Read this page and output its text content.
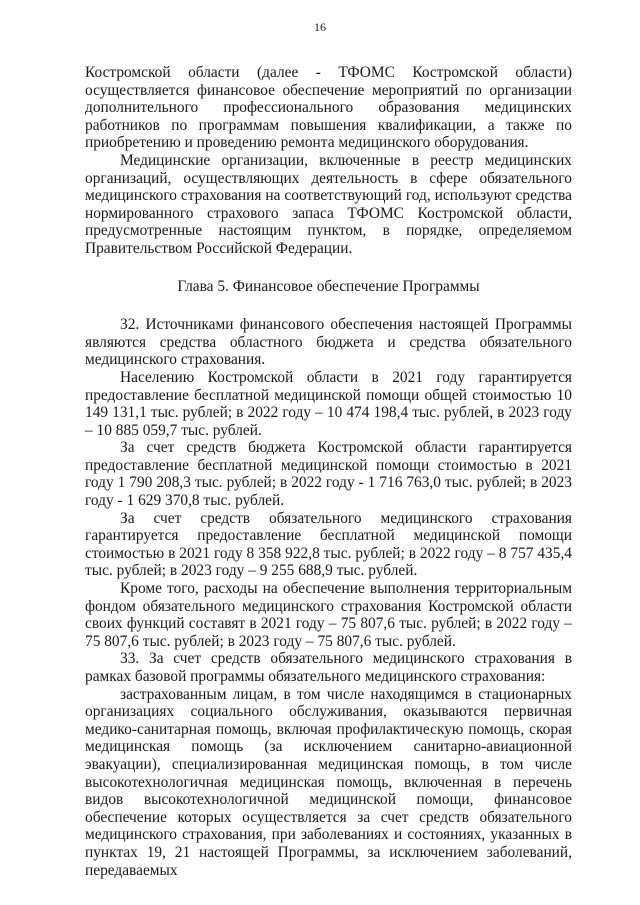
16

Костромской области (далее - ТФОМС Костромской области) осуществляется финансовое обеспечение мероприятий по организации дополнительного профессионального образования медицинских работников по программам повышения квалификации, а также по приобретению и проведению ремонта медицинского оборудования.

Медицинские организации, включенные в реестр медицинских организаций, осуществляющих деятельность в сфере обязательного медицинского страхования на соответствующий год, используют средства нормированного страхового запаса ТФОМС Костромской области, предусмотренные настоящим пунктом, в порядке, определяемом Правительством Российской Федерации.

Глава 5. Финансовое обеспечение Программы

32. Источниками финансового обеспечения настоящей Программы являются средства областного бюджета и средства обязательного медицинского страхования.

Населению Костромской области в 2021 году гарантируется предоставление бесплатной медицинской помощи общей стоимостью 10 149 131,1 тыс. рублей; в 2022 году – 10 474 198,4 тыс. рублей, в 2023 году – 10 885 059,7 тыс. рублей.

За счет средств бюджета Костромской области гарантируется предоставление бесплатной медицинской помощи стоимостью в 2021 году 1 790 208,3 тыс. рублей; в 2022 году - 1 716 763,0 тыс. рублей; в 2023 году - 1 629 370,8 тыс. рублей.

За счет средств обязательного медицинского страхования гарантируется предоставление бесплатной медицинской помощи стоимостью в 2021 году 8 358 922,8 тыс. рублей; в 2022 году – 8 757 435,4 тыс. рублей; в 2023 году – 9 255 688,9 тыс. рублей.

Кроме того, расходы на обеспечение выполнения территориальным фондом обязательного медицинского страхования Костромской области своих функций составят в 2021 году – 75 807,6 тыс. рублей; в 2022 году – 75 807,6 тыс. рублей; в 2023 году – 75 807,6 тыс. рублей.

33. За счет средств обязательного медицинского страхования в рамках базовой программы обязательного медицинского страхования:

застрахованным лицам, в том числе находящимся в стационарных организациях социального обслуживания, оказываются первичная медико-санитарная помощь, включая профилактическую помощь, скорая медицинская помощь (за исключением санитарно-авиационной эвакуации), специализированная медицинская помощь, в том числе высокотехнологичная медицинская помощь, включенная в перечень видов высокотехнологичной медицинской помощи, финансовое обеспечение которых осуществляется за счет средств обязательного медицинского страхования, при заболеваниях и состояниях, указанных в пунктах 19, 21 настоящей Программы, за исключением заболеваний, передаваемых
